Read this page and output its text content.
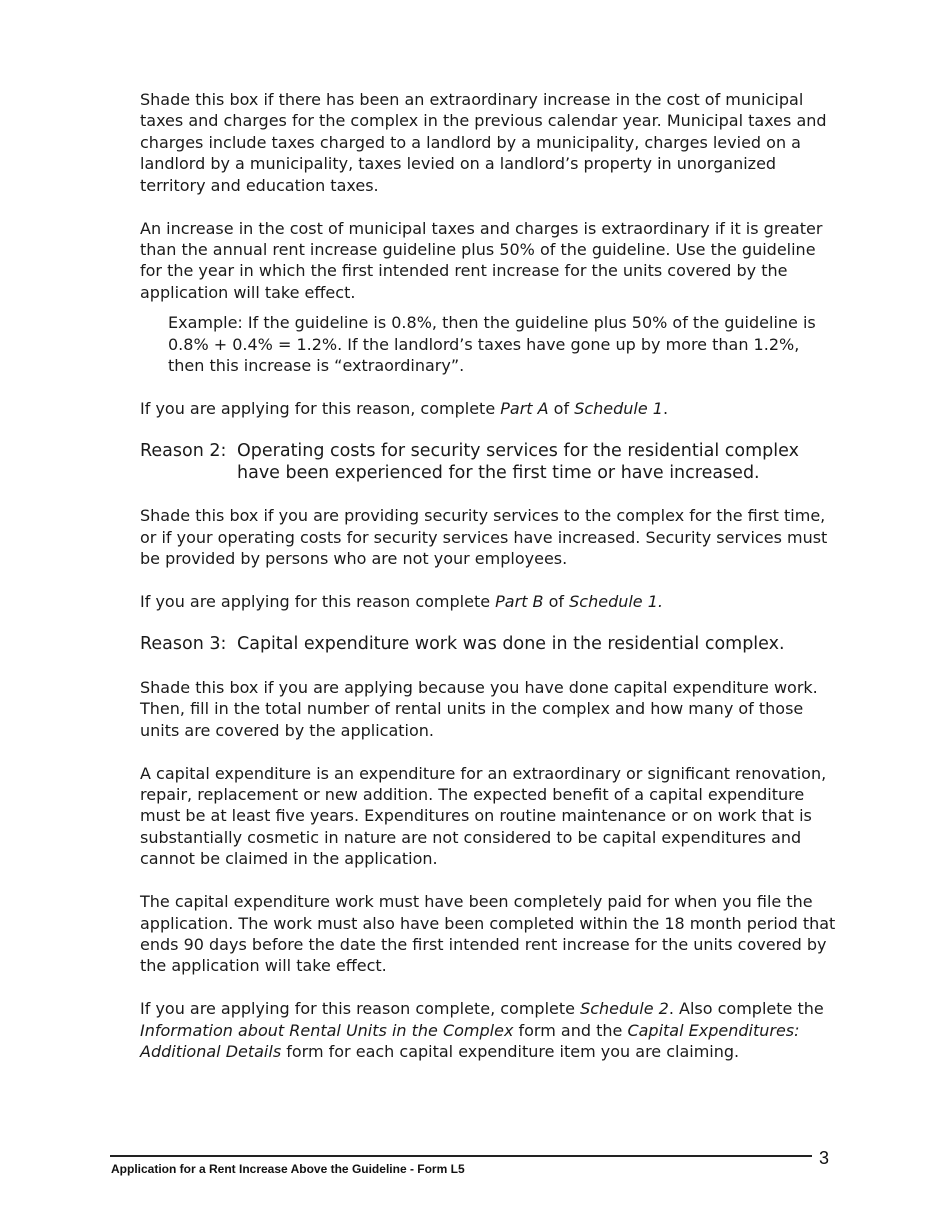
Shade this box if there has been an extraordinary increase in the cost of municipal taxes and charges for the complex in the previous calendar year. Municipal taxes and charges include taxes charged to a landlord by a municipality, charges levied on a landlord by a municipality, taxes levied on a landlord’s property in unorganized territory and education taxes.

An increase in the cost of municipal taxes and charges is extraordinary if it is greater than the annual rent increase guideline plus 50% of the guideline. Use the guideline for the year in which the first intended rent increase for the units covered by the application will take effect.

Example: If the guideline is 0.8%, then the guideline plus 50% of the guideline is 0.8% + 0.4% = 1.2%. If the landlord’s taxes have gone up by more than 1.2%, then this increase is “extraordinary”.

If you are applying for this reason, complete Part A of Schedule 1.

Reason 2: Operating costs for security services for the residential complex have been experienced for the first time or have increased.

Shade this box if you are providing security services to the complex for the first time, or if your operating costs for security services have increased. Security services must be provided by persons who are not your employees.

If you are applying for this reason complete Part B of Schedule 1.

Reason 3: Capital expenditure work was done in the residential complex.

Shade this box if you are applying because you have done capital expenditure work. Then, fill in the total number of rental units in the complex and how many of those units are covered by the application.

A capital expenditure is an expenditure for an extraordinary or significant renovation, repair, replacement or new addition. The expected benefit of a capital expenditure must be at least five years. Expenditures on routine maintenance or on work that is substantially cosmetic in nature are not considered to be capital expenditures and cannot be claimed in the application.

The capital expenditure work must have been completely paid for when you file the application. The work must also have been completed within the 18 month period that ends 90 days before the date the first intended rent increase for the units covered by the application will take effect.

If you are applying for this reason complete, complete Schedule 2. Also complete the Information about Rental Units in the Complex form and the Capital Expenditures: Additional Details form for each capital expenditure item you are claiming.

3
Application for a Rent Increase Above the Guideline - Form L5
